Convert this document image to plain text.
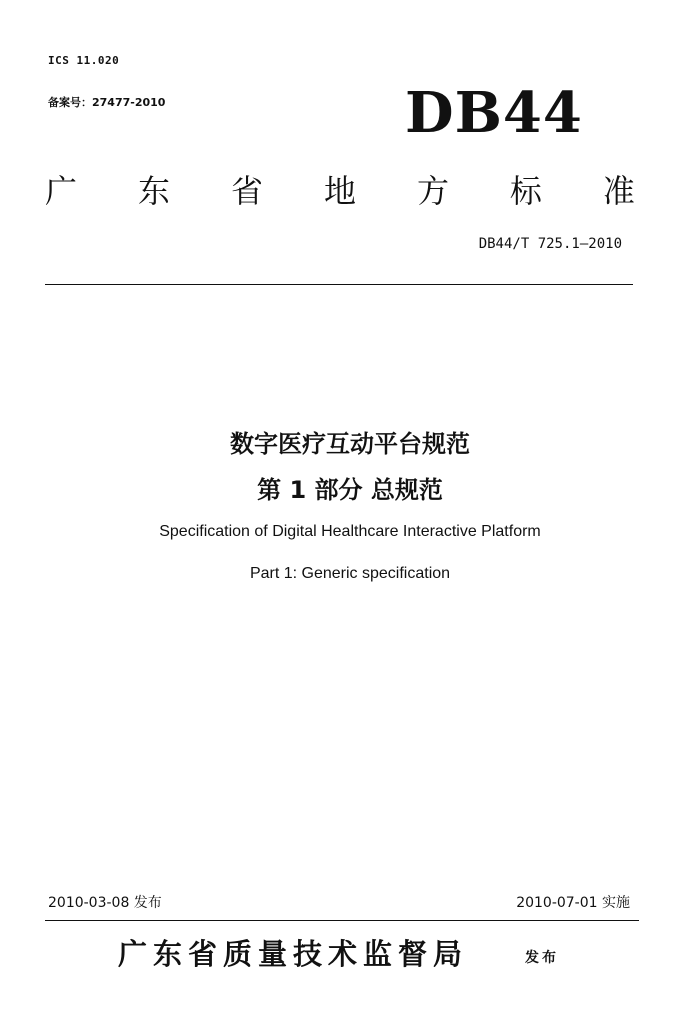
ICS 11.020
备案号：27477-2010	DB44
广 东 省 地 方 标 准
DB44/T 725.1—2010
数字医疗互动平台规范
第 1 部分 总规范
Specification of Digital Healthcare Interactive Platform
Part 1: Generic specification
2010-03-08 发布	2010-07-01 实施
广东省质量技术监督局	发布
